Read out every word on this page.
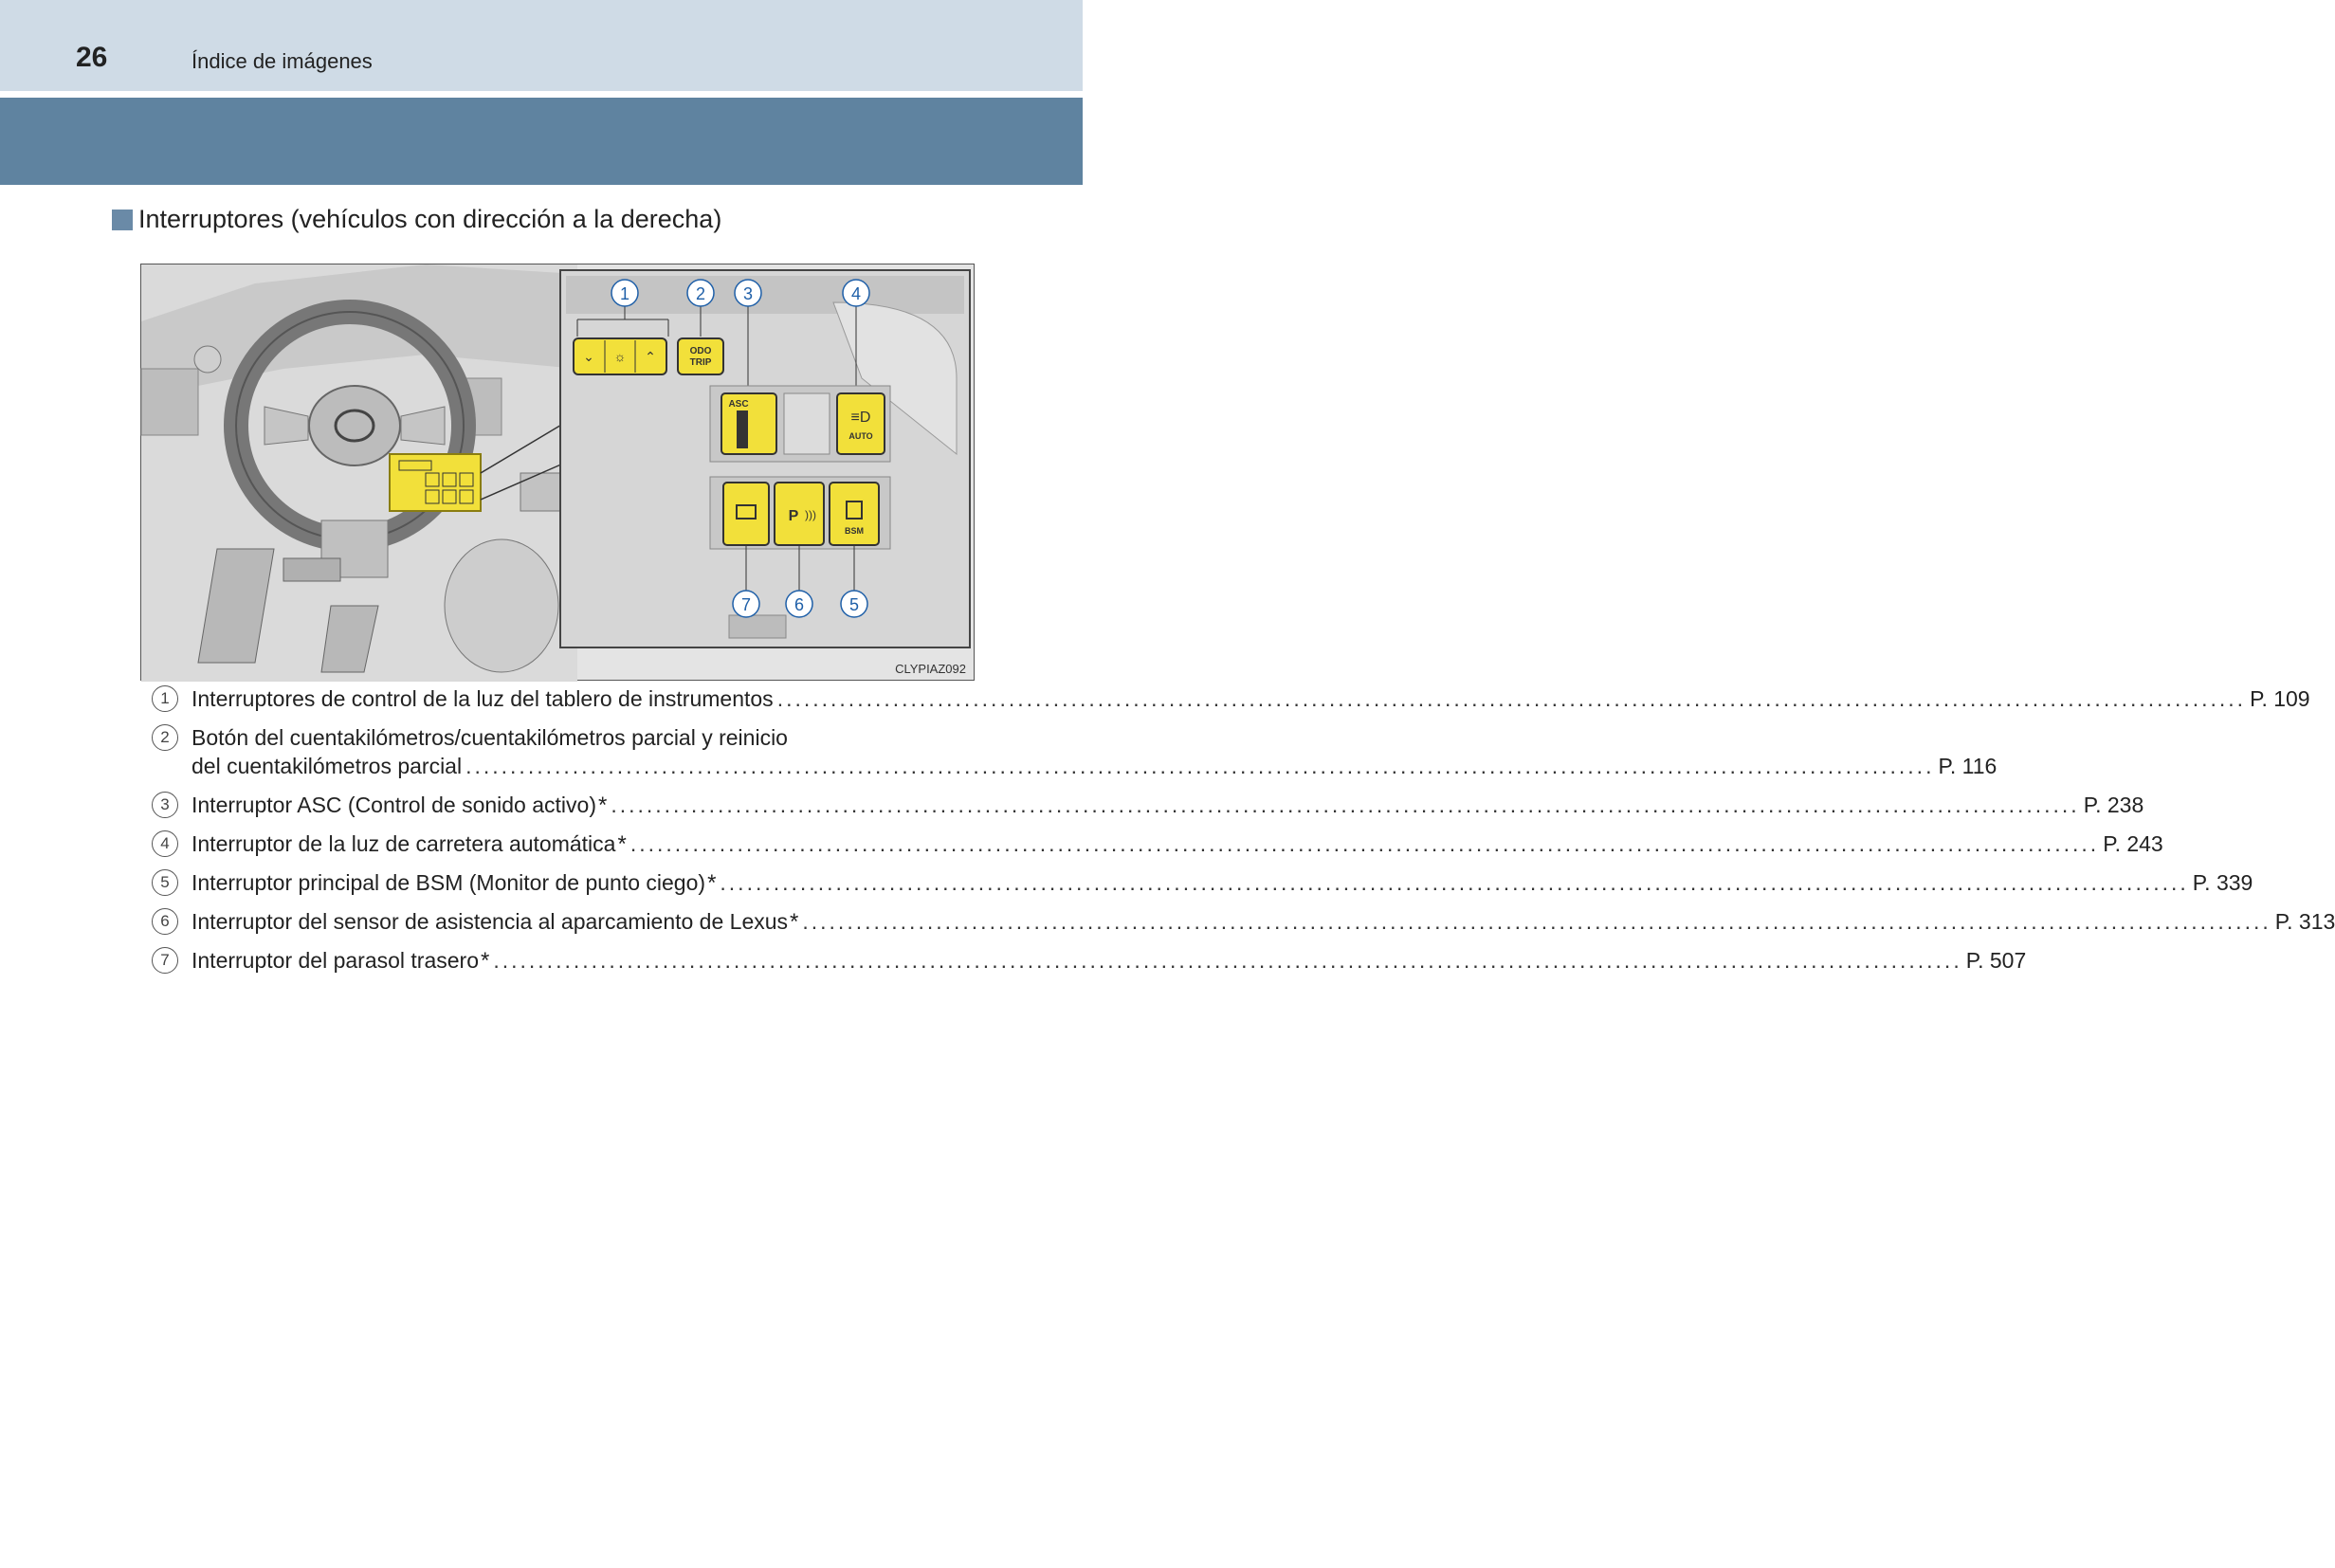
26	Índice de imágenes
Interruptores (vehículos con dirección a la derecha)
⌄ ☼ ⌃	ODO
TRIP
ASC
≡D
AUTO
P )))
BSM
1	2 3	4
5
6
7
CLYPIAZ092
1	Interruptores de control de la luz del tablero de instrumentos ..................................................................................................................................................................... P. 109
2	Botón del cuentakilómetros/cuentakilómetros parcial y reinicio
del cuentakilómetros parcial ..................................................................................................................................................................... P. 116
3	Interruptor ASC (Control de sonido activo) * ..................................................................................................................................................................... P. 238
4	Interruptor de la luz de carretera automática * ..................................................................................................................................................................... P. 243
5	Interruptor principal de BSM (Monitor de punto ciego) * ..................................................................................................................................................................... P. 339
6	Interruptor del sensor de asistencia al aparcamiento de Lexus * ..................................................................................................................................................................... P. 313
7	Interruptor del parasol trasero * ..................................................................................................................................................................... P. 507
